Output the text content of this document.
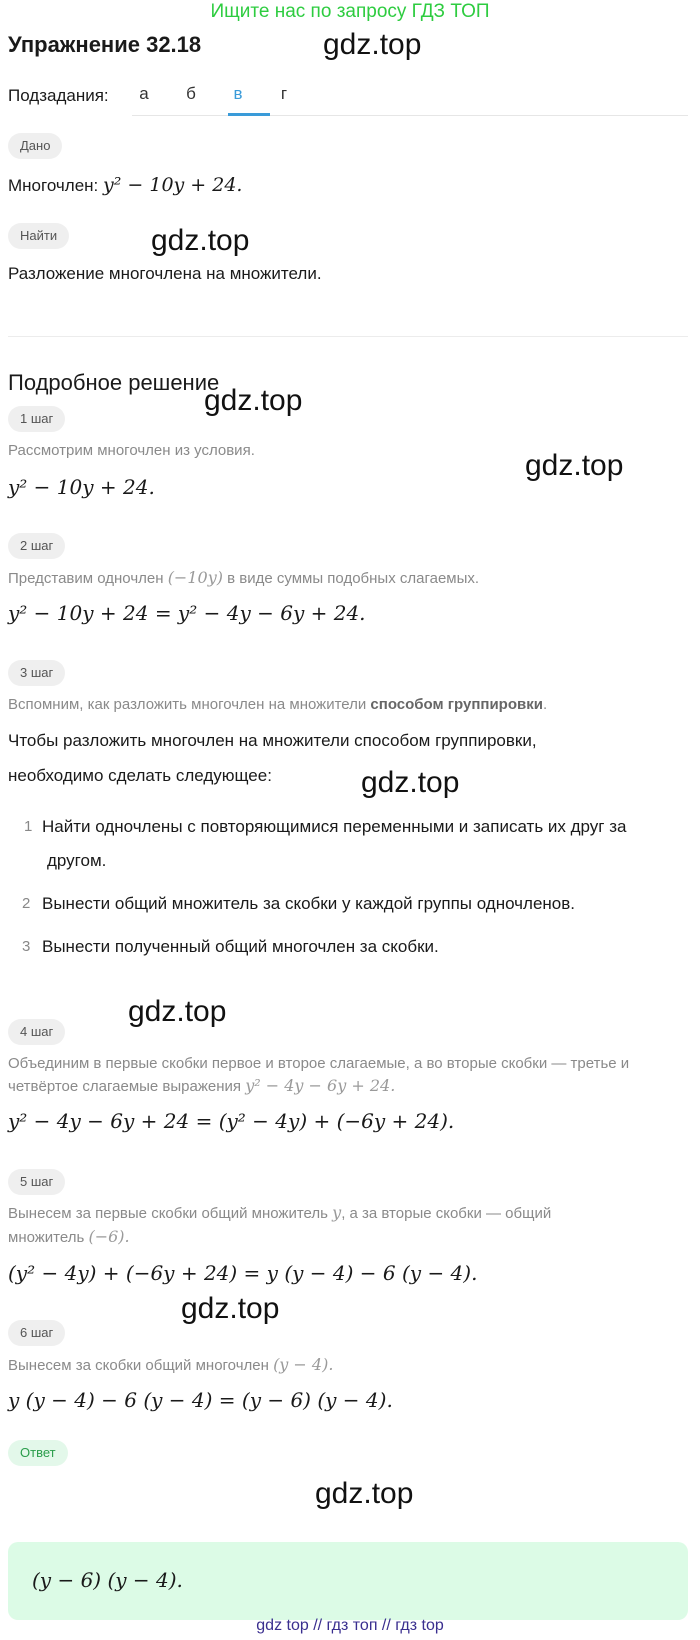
Ищите нас по запросу ГДЗ ТОП
Упражнение 32.18	gdz.top
Подзадания:	а	б	в	г
Дано
Многочлен: y² − 10y + 24.
Найти	gdz.top
Разложение многочлена на множители.
Подробное решение
1 шаг
gdz.top
Рассмотрим многочлен из условия.	gdz.top
y² − 10y + 24.
2 шаг
Представим одночлен (−10y) в виде суммы подобных слагаемых.
y² − 10y + 24 = y² − 4y − 6y + 24.
3 шаг
Вспомним, как разложить многочлен на множители способом группировки.
Чтобы разложить многочлен на множители способом группировки,
необходимо сделать следующее:	gdz.top
1 Найти одночлены с повторяющимися переменными и записать их друг за
другом.
2 Вынести общий множитель за скобки у каждой группы одночленов.
3 Вынести полученный общий многочлен за скобки.
gdz.top
4 шаг
Объединим в первые скобки первое и второе слагаемые, а во вторые скобки — третье и
четвёртое слагаемые выражения y² − 4y − 6y + 24.
y² − 4y − 6y + 24 = (y² − 4y) + (−6y + 24).
5 шаг
Вынесем за первые скобки общий множитель y, а за вторые скобки — общий
множитель (−6).
(y² − 4y) + (−6y + 24) = y (y − 4) − 6 (y − 4).
gdz.top
6 шаг
Вынесем за скобки общий многочлен (y − 4).
y (y − 4) − 6 (y − 4) = (y − 6) (y − 4).
Ответ
(y − 6) (y − 4).
gdz.top
gdz top // гдз топ // гдз top
